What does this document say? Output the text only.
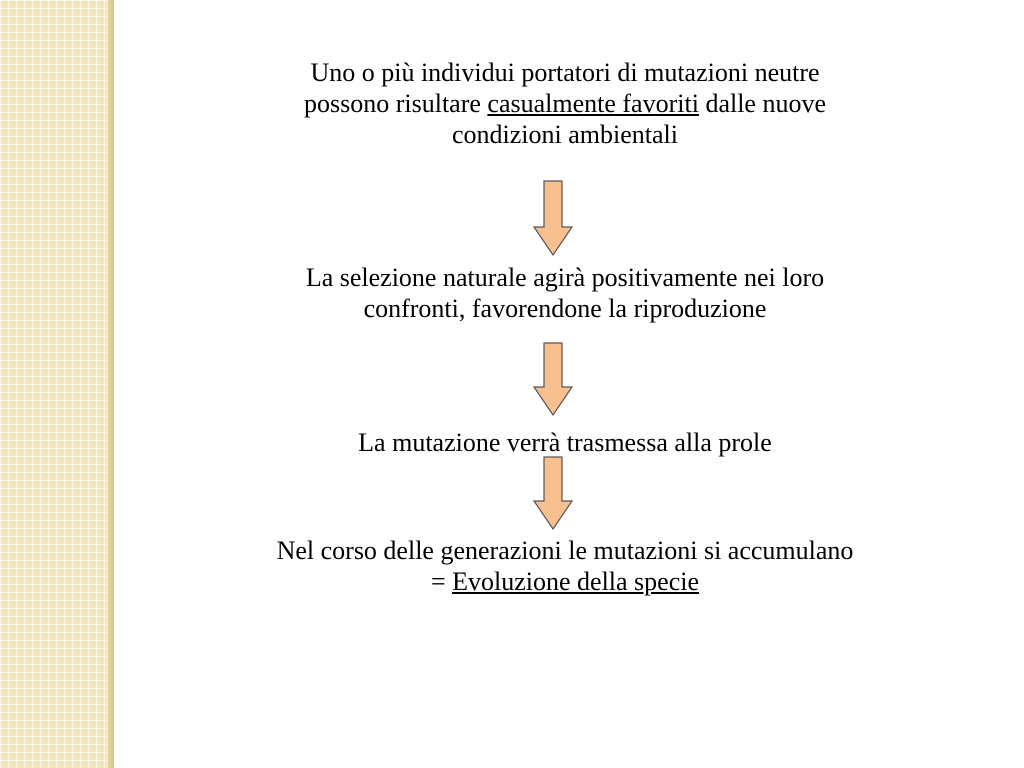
Uno o più individui portatori di mutazioni neutre
possono risultare casualmente favoriti dalle nuove
condizioni ambientali
La selezione naturale agirà positivamente nei loro
confronti, favorendone la riproduzione
La mutazione verrà trasmessa alla prole
Nel corso delle generazioni le mutazioni si accumulano
= Evoluzione della specie
